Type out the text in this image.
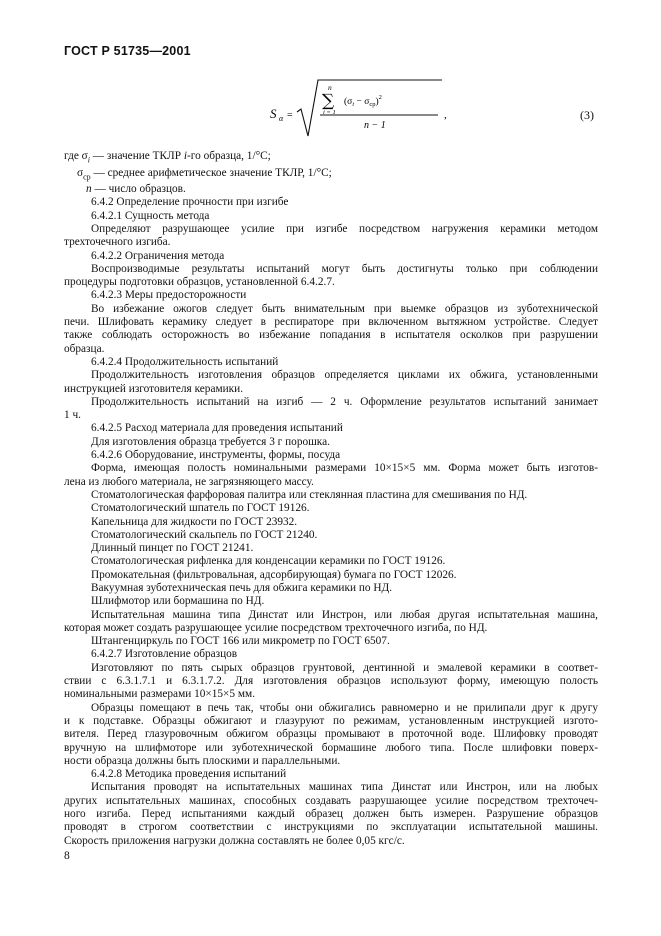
ГОСТ Р 51735—2001
S α =
n
∑
i = 1
$(\sigma_i - \sigma_{ср})^2$
n − 1
,	(3)
где $\sigma_i$ — значение ТКЛР i-го образца, 1/°С;
$\sigma_{ср}$ — среднее арифметическое значение ТКЛР, 1/°С;
n — число образцов.
6.4.2 Определение прочности при изгибе
6.4.2.1 Сущность метода
Определяют разрушающее усилие при изгибе посредством нагружения керамики методом
трехточечного изгиба.
6.4.2.2 Ограничения метода
Воспроизводимые результаты испытаний могут быть достигнуты только при соблюдении
процедуры подготовки образцов, установленной 6.4.2.7.
6.4.2.3 Меры предосторожности
Во избежание ожогов следует быть внимательным при выемке образцов из зуботехнической
печи. Шлифовать керамику следует в респираторе при включенном вытяжном устройстве. Следует
также соблюдать осторожность во избежание попадания в испытателя осколков при разрушении
образца.
6.4.2.4 Продолжительность испытаний
Продолжительность изготовления образцов определяется циклами их обжига, установленными
инструкцией изготовителя керамики.
Продолжительность испытаний на изгиб — 2 ч. Оформление результатов испытаний занимает
1 ч.
6.4.2.5 Расход материала для проведения испытаний
Для изготовления образца требуется 3 г порошка.
6.4.2.6 Оборудование, инструменты, формы, посуда
Форма, имеющая полость номинальными размерами 10×15×5 мм. Форма может быть изготов-
лена из любого материала, не загрязняющего массу.
Стоматологическая фарфоровая палитра или стеклянная пластина для смешивания по НД.
Стоматологический шпатель по ГОСТ 19126.
Капельница для жидкости по ГОСТ 23932.
Стоматологический скальпель по ГОСТ 21240.
Длинный пинцет по ГОСТ 21241.
Стоматологическая рифленка для конденсации керамики по ГОСТ 19126.
Промокательная (фильтровальная, адсорбирующая) бумага по ГОСТ 12026.
Вакуумная зуботехническая печь для обжига керамики по НД.
Шлифмотор или бормашина по НД.
Испытательная машина типа Динстат или Инстрон, или любая другая испытательная машина,
которая может создать разрушающее усилие посредством трехточечного изгиба, по НД.
Штангенциркуль по ГОСТ 166 или микрометр по ГОСТ 6507.
6.4.2.7 Изготовление образцов
Изготовляют по пять сырых образцов грунтовой, дентинной и эмалевой керамики в соответ-
ствии с 6.3.1.7.1 и 6.3.1.7.2. Для изготовления образцов используют форму, имеющую полость
номинальными размерами 10×15×5 мм.
Образцы помещают в печь так, чтобы они обжигались равномерно и не прилипали друг к другу
и к подставке. Образцы обжигают и глазуруют по режимам, установленным инструкцией изгото-
вителя. Перед глазуровочным обжигом образцы промывают в проточной воде. Шлифовку проводят
вручную на шлифмоторе или зуботехнической бормашине любого типа. После шлифовки поверх-
ности образца должны быть плоскими и параллельными.
6.4.2.8 Методика проведения испытаний
Испытания проводят на испытательных машинах типа Динстат или Инстрон, или на любых
других испытательных машинах, способных создавать разрушающее усилие посредством трехточеч-
ного изгиба. Перед испытаниями каждый образец должен быть измерен. Разрушение образцов
проводят в строгом соответствии с инструкциями по эксплуатации испытательной машины.
Скорость приложения нагрузки должна составлять не более 0,05 кгс/с.
8
